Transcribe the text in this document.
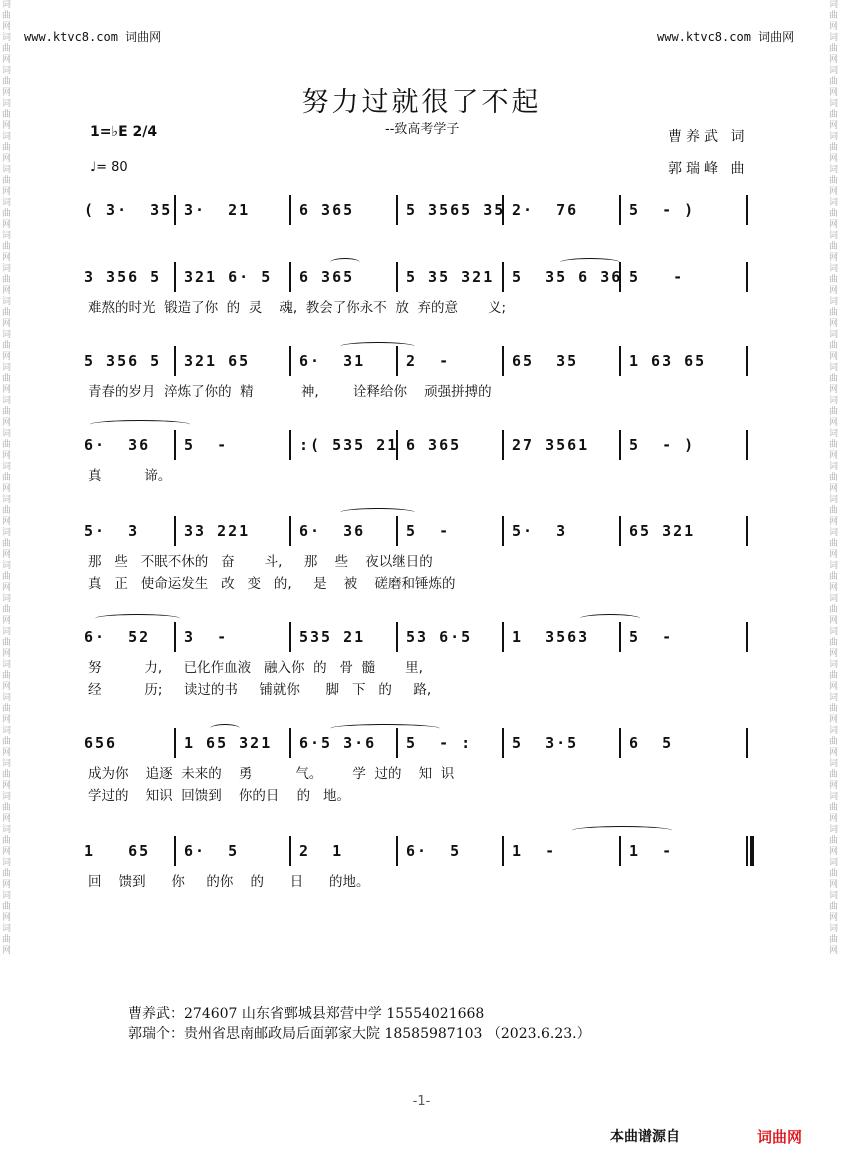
词曲网词曲网词曲网词曲网词曲网词曲网词曲网词曲网词曲网词曲网词曲网词曲网词曲网词曲网词曲网词曲网词曲网词曲网词曲网词曲网词曲网词曲网词曲网词曲网词曲网词曲网词曲网词曲网词曲网
词曲网词曲网词曲网词曲网词曲网词曲网词曲网词曲网词曲网词曲网词曲网词曲网词曲网词曲网词曲网词曲网词曲网词曲网词曲网词曲网词曲网词曲网词曲网词曲网词曲网词曲网词曲网词曲网词曲网
www.ktvc8.com 词曲网	www.ktvc8.com 词曲网
努力过就很了不起
--致高考学子
1=♭E 2/4
♩= 80
曹养武 词
郭瑞峰 曲
( 3·  35 3·  21	6 365	5 3565 35 2·  76	5  - )
3 356 5 321 6· 5 6 365	5 35 321 5  35 6 36 5   -
难熬的时光  锻造了你  的  灵    魂,  教会了你永不  放  弃的意       义;
5 356 5 321 65	6·  31	2  -	65  35	1 63 65
青春的岁月  淬炼了你的  精           神,        诠释给你    顽强拼搏的
6·  36 5  -	:( 535 21 6 365	27 3561	5  - )
真          谛。
5·  3	33 221	6·  36	5  -	5·  3	65 321
那   些   不眠不休的   奋       斗,     那    些    夜以继日的
真   正   使命运发生   改   变   的,     是    被    磋磨和锤炼的
6·  52 3  -	535 21	53 6·5	1  3563	5  -
努          力,     已化作血液   融入你  的   骨  髓       里,
经          历;     读过的书     铺就你      脚   下   的     路,
656	1 65 321 6·5 3·6 5  - :	5  3·5	6  5
成为你    追逐  未来的    勇          气。       学  过的    知  识
学过的    知识  回馈到    你的日    的   地。
1   65 6·  5	2  1	6·  5	1  -	1  -
回    馈到      你     的你    的      日      的地。
曹养武：274607 山东省鄄城县郑营中学 15554021668
郭瑞个：贵州省思南邮政局后面郭家大院 18585987103 （2023.6.23.）
-1-
本曲谱源自	词曲网
